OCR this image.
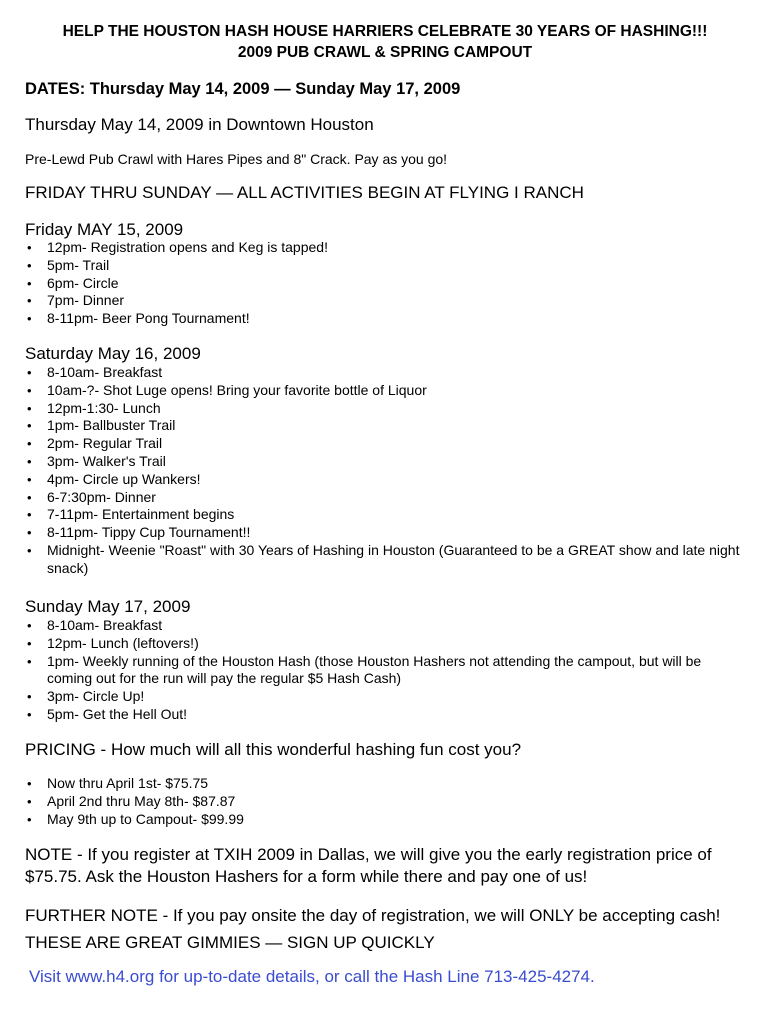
HELP THE HOUSTON HASH HOUSE HARRIERS CELEBRATE 30 YEARS OF HASHING!!!
2009 PUB CRAWL & SPRING CAMPOUT
DATES: Thursday May 14, 2009 — Sunday May 17, 2009
Thursday May 14, 2009 in Downtown Houston
Pre-Lewd Pub Crawl with Hares Pipes and 8" Crack. Pay as you go!
FRIDAY THRU SUNDAY — ALL ACTIVITIES BEGIN AT FLYING I RANCH
Friday MAY 15, 2009
• 12pm- Registration opens and Keg is tapped!
• 5pm- Trail
• 6pm- Circle
• 7pm- Dinner
• 8-11pm- Beer Pong Tournament!
Saturday May 16, 2009
• 8-10am- Breakfast
• 10am-?- Shot Luge opens! Bring your favorite bottle of Liquor
• 12pm-1:30- Lunch
• 1pm- Ballbuster Trail
• 2pm- Regular Trail
• 3pm- Walker's Trail
• 4pm- Circle up Wankers!
• 6-7:30pm- Dinner
• 7-11pm- Entertainment begins
• 8-11pm- Tippy Cup Tournament!!
• Midnight- Weenie "Roast" with 30 Years of Hashing in Houston (Guaranteed to be a GREAT show and late night snack)
Sunday May 17, 2009
• 8-10am- Breakfast
• 12pm- Lunch (leftovers!)
• 1pm- Weekly running of the Houston Hash (those Houston Hashers not attending the campout, but will be coming out for the run will pay the regular $5 Hash Cash)
• 3pm- Circle Up!
• 5pm- Get the Hell Out!
PRICING - How much will all this wonderful hashing fun cost you?
• Now thru April 1st- $75.75
• April 2nd thru May 8th- $87.87
• May 9th up to Campout- $99.99
NOTE - If you register at TXIH 2009 in Dallas, we will give you the early registration price of $75.75. Ask the Houston Hashers for a form while there and pay one of us!
FURTHER NOTE - If you pay onsite the day of registration, we will ONLY be accepting cash!
THESE ARE GREAT GIMMIES — SIGN UP QUICKLY
Visit www.h4.org for up-to-date details, or call the Hash Line 713-425-4274.
